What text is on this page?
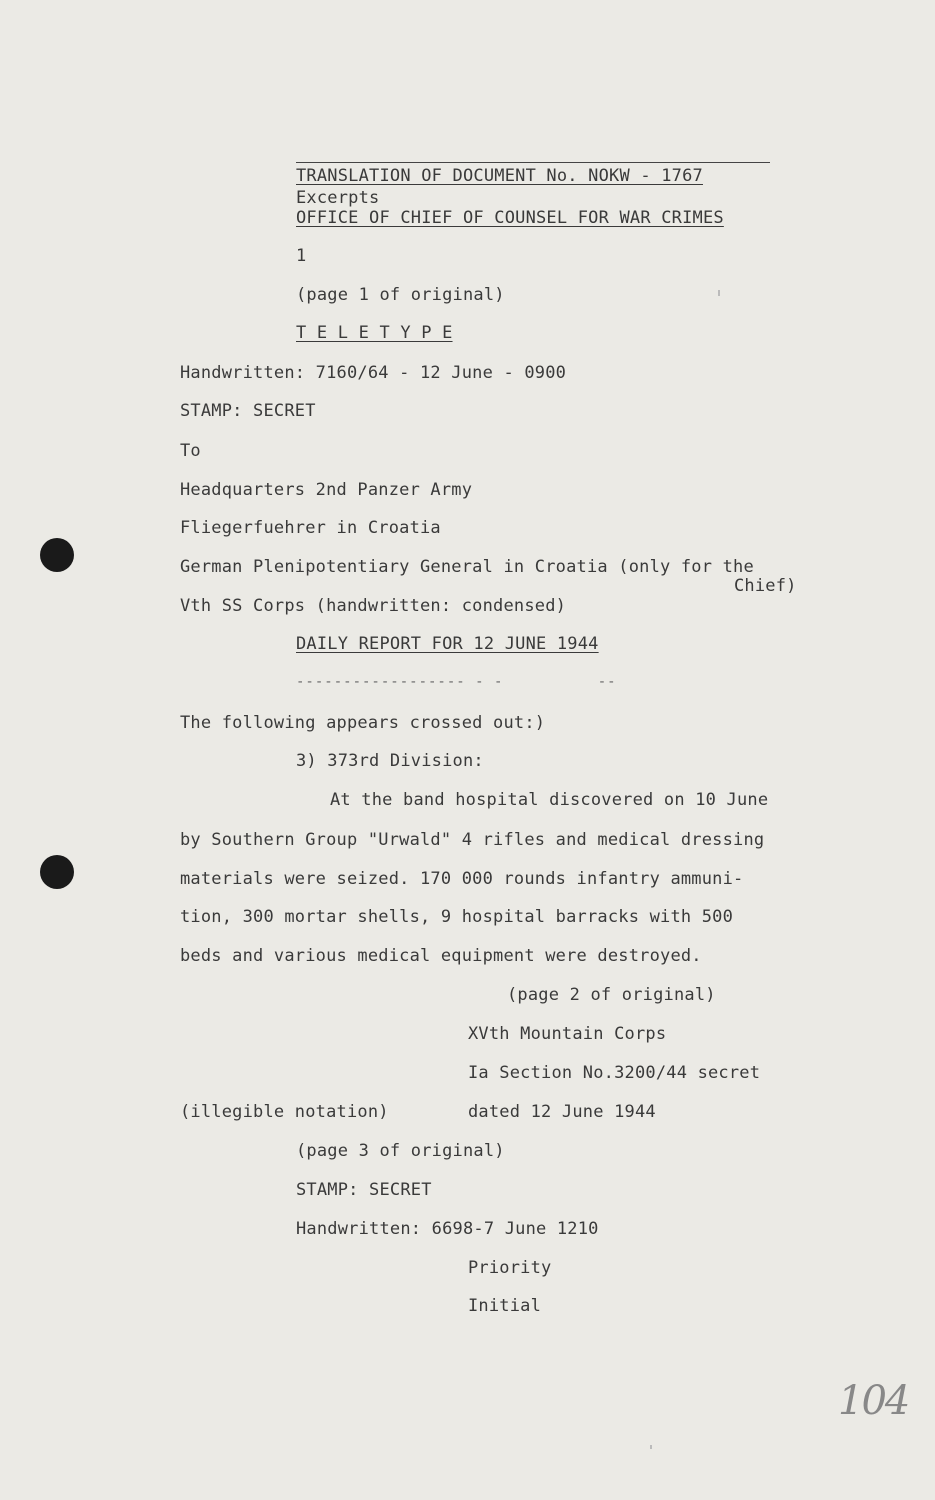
TRANSLATION OF DOCUMENT No. NOKW - 1767
Excerpts
OFFICE OF CHIEF OF COUNSEL FOR WAR CRIMES
1
(page 1 of original)
T E L E T Y P E
Handwritten: 7160/64 - 12 June - 0900
STAMP: SECRET
To
Headquarters 2nd Panzer Army
Fliegerfuehrer in Croatia
German Plenipotentiary General in Croatia (only for the
Chief)
Vth SS Corps (handwritten: condensed)
DAILY REPORT FOR 12 JUNE 1944
------------------ - -          --
The following appears crossed out:)
3) 373rd Division:
At the band hospital discovered on 10 June
by Southern Group "Urwald" 4 rifles and medical dressing
materials were seized. 170 000 rounds infantry ammuni-
tion, 300 mortar shells, 9 hospital barracks with 500
beds and various medical equipment were destroyed.
(page 2 of original)
XVth Mountain Corps
Ia Section No.3200/44 secret
(illegible notation)	dated 12 June 1944
(page 3 of original)
STAMP: SECRET
Handwritten: 6698-7 June 1210
Priority
Initial
104
